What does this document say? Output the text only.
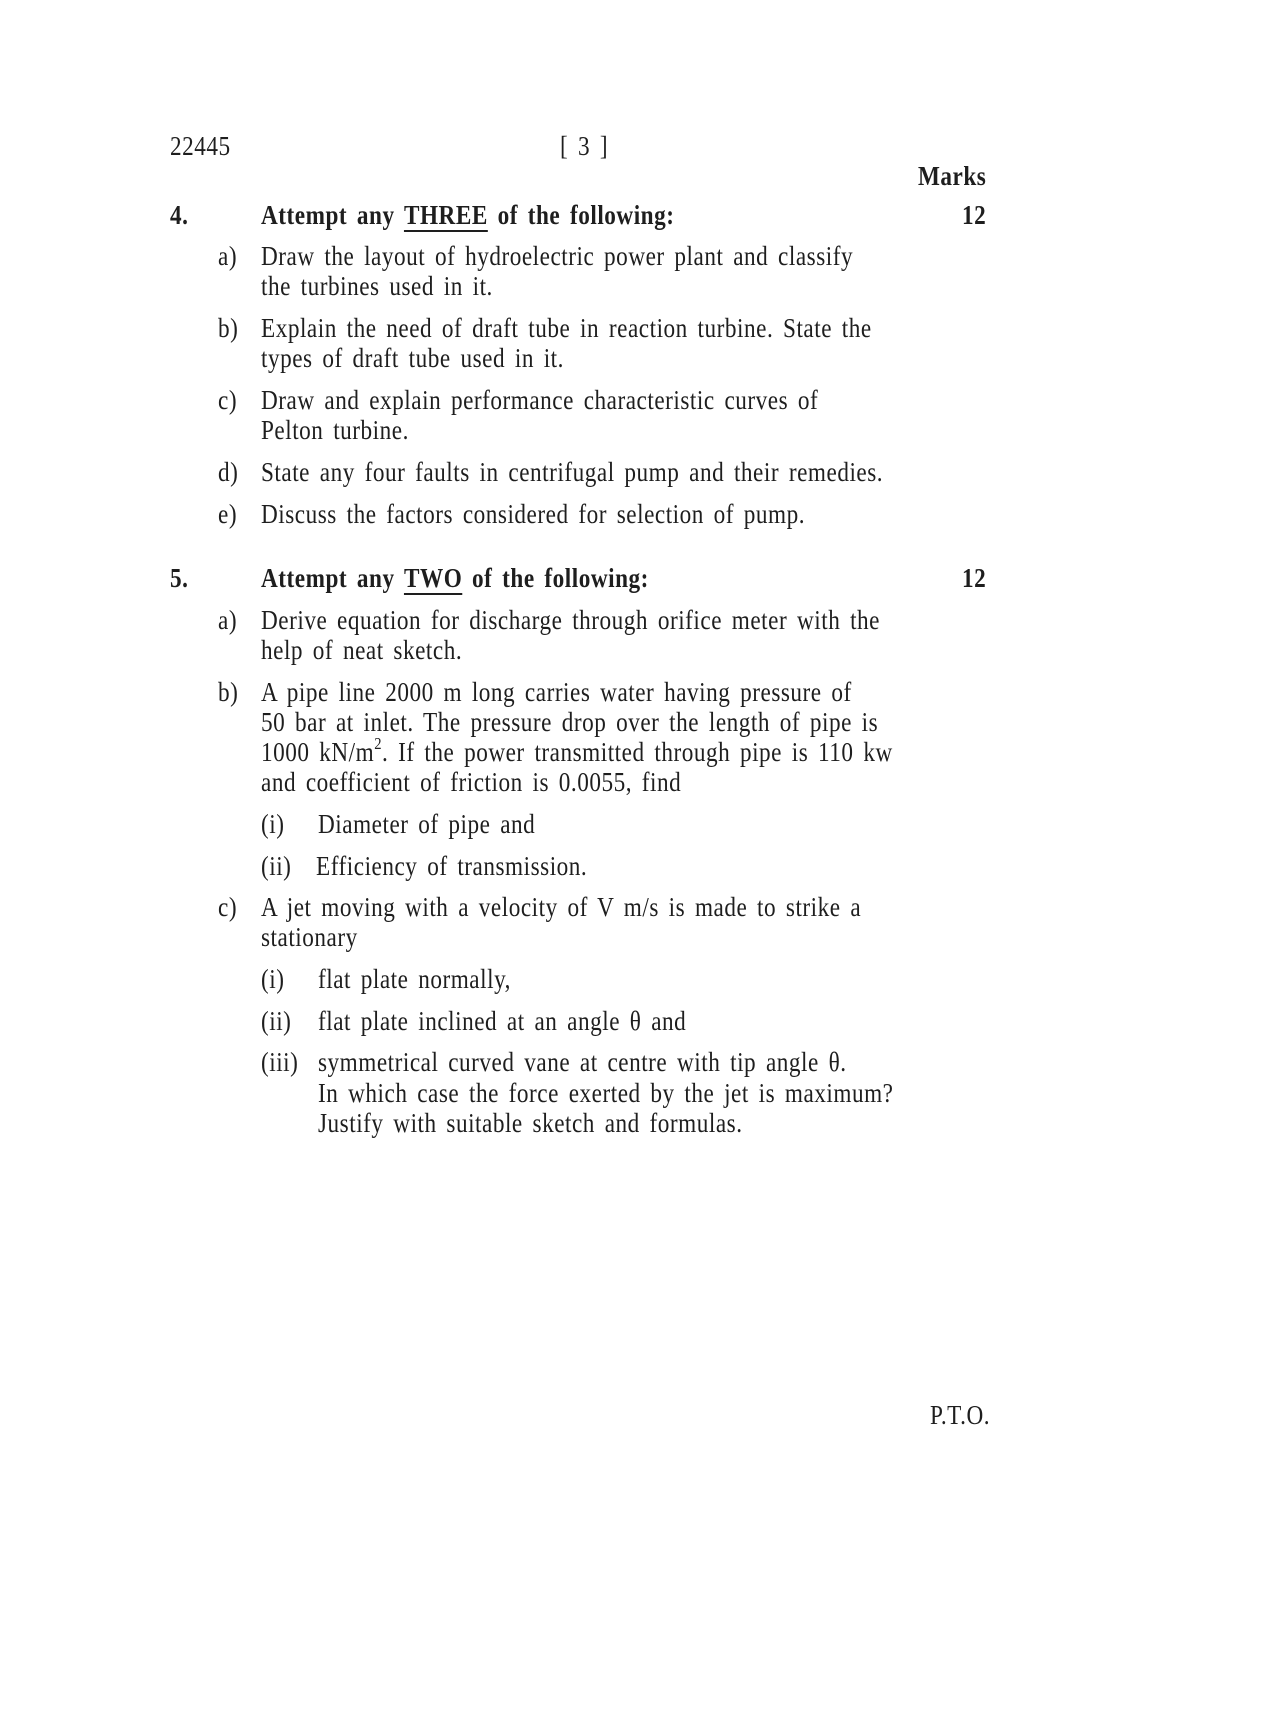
22445	[ 3 ]
Marks
4.	Attempt any THREE of the following:	12
a) Draw the layout of hydroelectric power plant and classify
the turbines used in it.
b) Explain the need of draft tube in reaction turbine. State the
types of draft tube used in it.
c) Draw and explain performance characteristic curves of
Pelton turbine.
d) State any four faults in centrifugal pump and their remedies.
e) Discuss the factors considered for selection of pump.
5.	Attempt any TWO of the following:	12
a) Derive equation for discharge through orifice meter with the
help of neat sketch.
b) A pipe line 2000 m long carries water having pressure of
50 bar at inlet. The pressure drop over the length of pipe is
1000 $kN/m^2$. If the power transmitted through pipe is 110 kw
and coefficient of friction is 0.0055, find
(i) Diameter of pipe and
(ii) Efficiency of transmission.
c) A jet moving with a velocity of V m/s is made to strike a
stationary
(i) flat plate normally,
(ii) flat plate inclined at an angle θ and
(iii) symmetrical curved vane at centre with tip angle θ.
In which case the force exerted by the jet is maximum?
Justify with suitable sketch and formulas.
P.T.O.
